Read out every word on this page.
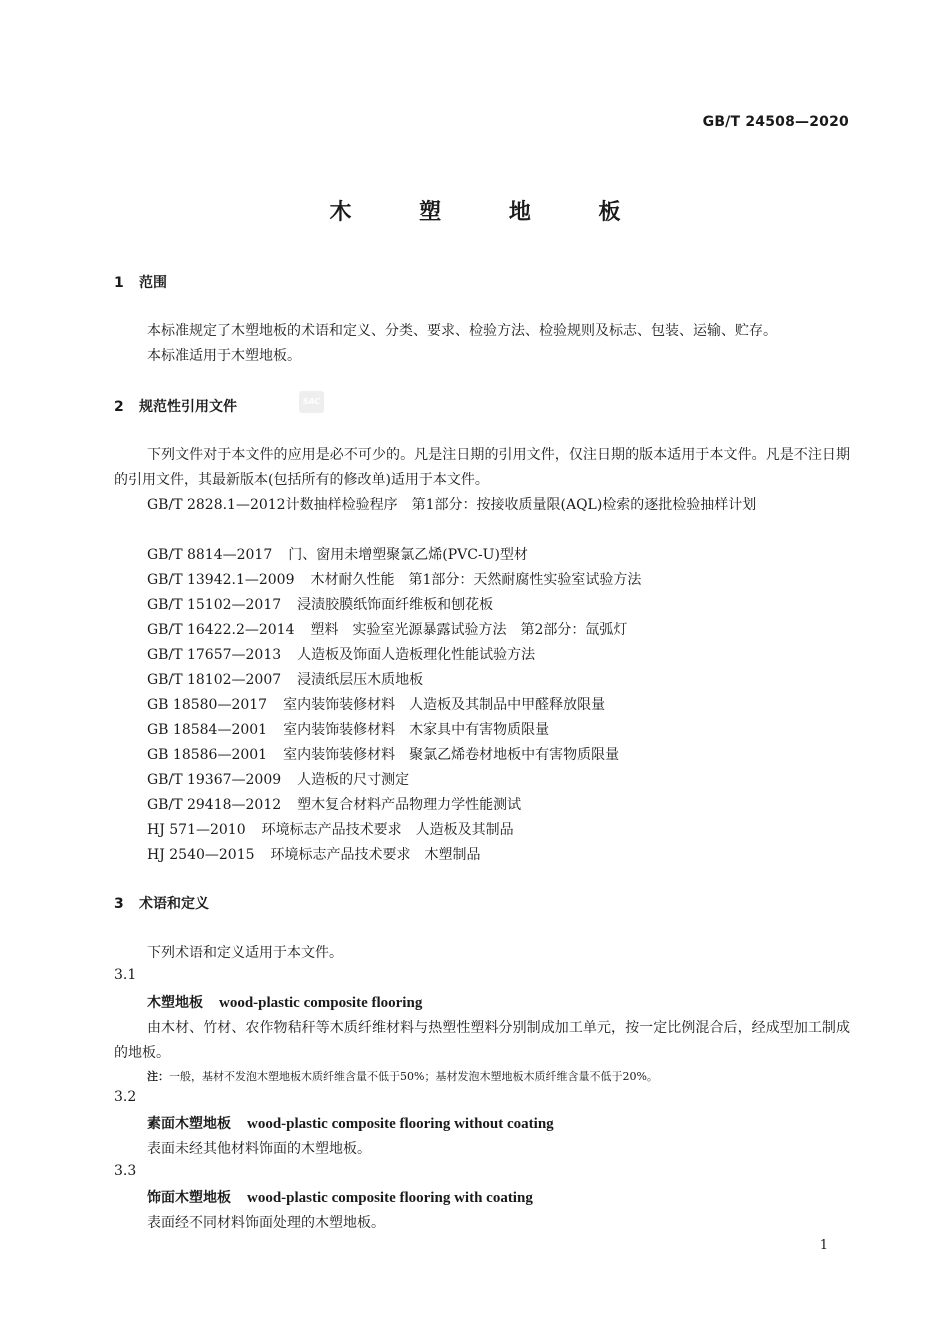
GB/T 24508—2020
木 塑 地 板
1 范围
本标准规定了木塑地板的术语和定义、分类、要求、检验方法、检验规则及标志、包装、运输、贮存。
本标准适用于木塑地板。
2 规范性引用文件	SAC
下列文件对于本文件的应用是必不可少的。凡是注日期的引用文件，仅注日期的版本适用于本文件。凡是不注日期的引用文件，其最新版本(包括所有的修改单)适用于本文件。
GB/T 2828.1—2012计数抽样检验程序　第1部分：按接收质量限(AQL)检索的逐批检验抽样计划
GB/T 8814—2017 门、窗用未增塑聚氯乙烯(PVC-U)型材
GB/T 13942.1—2009 木材耐久性能　第1部分：天然耐腐性实验室试验方法
GB/T 15102—2017 浸渍胶膜纸饰面纤维板和刨花板
GB/T 16422.2—2014 塑料　实验室光源暴露试验方法　第2部分：氙弧灯
GB/T 17657—2013 人造板及饰面人造板理化性能试验方法
GB/T 18102—2007 浸渍纸层压木质地板
GB 18580—2017 室内装饰装修材料　人造板及其制品中甲醛释放限量
GB 18584—2001 室内装饰装修材料　木家具中有害物质限量
GB 18586—2001 室内装饰装修材料　聚氯乙烯卷材地板中有害物质限量
GB/T 19367—2009 人造板的尺寸测定
GB/T 29418—2012 塑木复合材料产品物理力学性能测试
HJ 571—2010 环境标志产品技术要求　人造板及其制品
HJ 2540—2015 环境标志产品技术要求　木塑制品
3 术语和定义
下列术语和定义适用于本文件。
3.1
木塑地板 wood-plastic composite flooring
由木材、竹材、农作物秸秆等木质纤维材料与热塑性塑料分别制成加工单元，按一定比例混合后，经成型加工制成的地板。
注：一般，基材不发泡木塑地板木质纤维含量不低于50%；基材发泡木塑地板木质纤维含量不低于20%。
3.2
素面木塑地板 wood-plastic composite flooring without coating
表面未经其他材料饰面的木塑地板。
3.3
饰面木塑地板 wood-plastic composite flooring with coating
表面经不同材料饰面处理的木塑地板。
1
